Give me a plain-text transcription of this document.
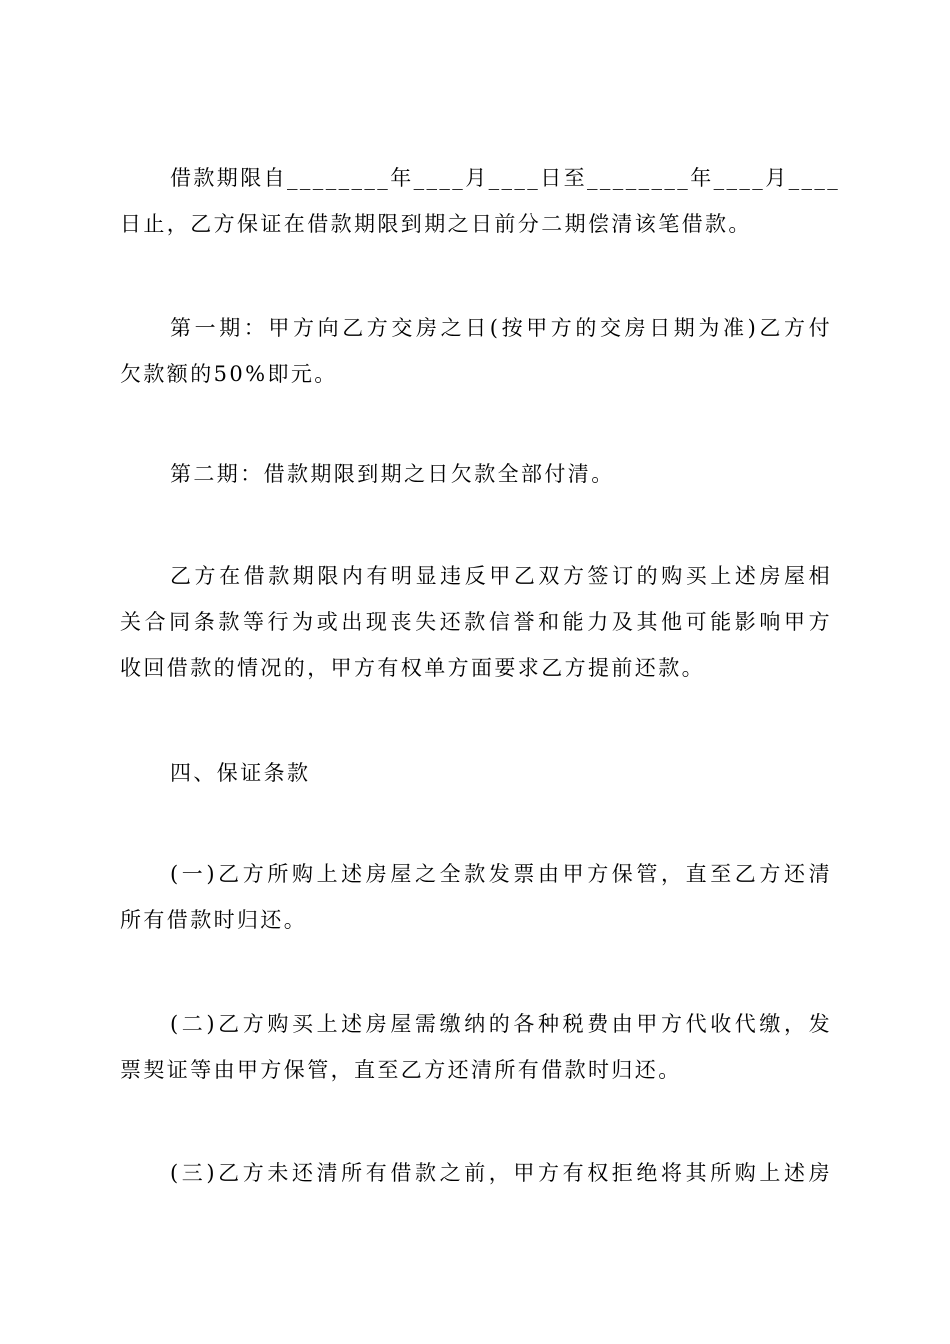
借款期限自________年____月____日至________年____月____
日止，乙方保证在借款期限到期之日前分二期偿清该笔借款。
第一期：甲方向乙方交房之日(按甲方的交房日期为准)乙方付
欠款额的50%即元。
第二期：借款期限到期之日欠款全部付清。
乙方在借款期限内有明显违反甲乙双方签订的购买上述房屋相
关合同条款等行为或出现丧失还款信誉和能力及其他可能影响甲方
收回借款的情况的，甲方有权单方面要求乙方提前还款。
四、保证条款
(一)乙方所购上述房屋之全款发票由甲方保管，直至乙方还清
所有借款时归还。
(二)乙方购买上述房屋需缴纳的各种税费由甲方代收代缴，发
票契证等由甲方保管，直至乙方还清所有借款时归还。
(三)乙方未还清所有借款之前，甲方有权拒绝将其所购上述房
